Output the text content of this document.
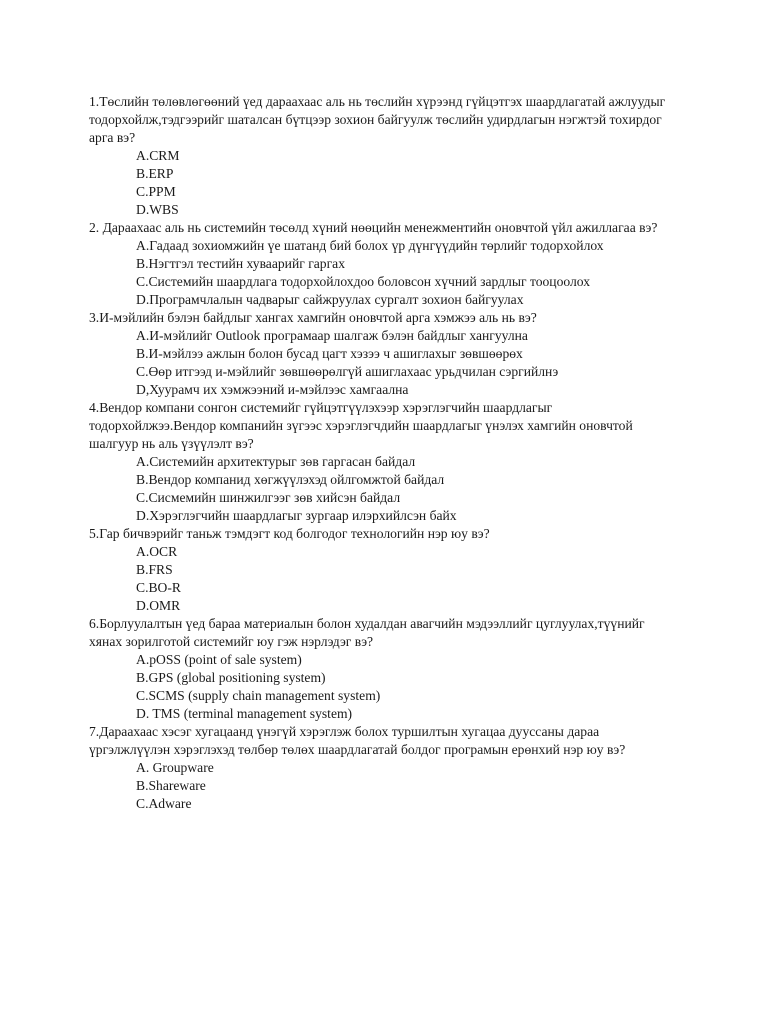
1.Төслийн төлөвлөгөөний үед дараахаас аль нь төслийн хүрээнд гүйцэтгэх шаардлагатай ажлуудыг тодорхойлж,тэдгээрийг шаталсан бүтцээр зохион байгуулж төслийн удирдлагын нэгжтэй тохирдог арга вэ?

A.CRM
B.ERP
C.PPM
D.WBS

2. Дараахаас аль нь системийн төсөлд хүний нөөцийн менежментийн оновчтой үйл ажиллагаа вэ?

A.Гадаад зохиомжийн үе шатанд бий болох үр дүнгүүдийн төрлийг тодорхойлох
B.Нэгтгэл тестийн хуваарийг гаргах
C.Системийн шаардлага тодорхойлохдоо боловсон хүчний зардлыг тооцоолох
D.Програмчлалын чадварыг сайжруулах сургалт зохион байгуулах

3.И-мэйлийн бэлэн байдлыг хангах хамгийн оновчтой арга хэмжээ аль нь вэ?

A.И-мэйлийг Outlook програмаар шалгаж бэлэн байдлыг хангуулна
B.И-мэйлээ ажлын болон бусад цагт хэзээ ч ашиглахыг зөвшөөрөх
C.Өөр итгээд и-мэйлийг зөвшөөрөлгүй ашиглахаас урьдчилан сэргийлнэ
D,Хуурамч их хэмжээний и-мэйлээс хамгаална

4.Вендор компани сонгон системийг гүйцэтгүүлэхээр хэрэглэгчийн шаардлагыг тодорхойлжээ.Вендор компанийн зүгээс хэрэглэгчдийн шаардлагыг үнэлэх хамгийн оновчтой шалгуур нь аль үзүүлэлт вэ?

A.Системийн архитектурыг зөв гаргасан байдал
B.Вендор компанид хөгжүүлэхэд ойлгомжтой байдал
C.Сисмемийн шинжилгээг зөв хийсэн байдал
D.Хэрэглэгчийн шаардлагыг зургаар илэрхийлсэн байх

5.Гар бичвэрийг таньж тэмдэгт код болгодог технологийн нэр юу вэ?

A.OCR
B.FRS
C.BO-R
D.OMR

6.Борлуулалтын үед бараа материалын болон худалдан авагчийн мэдээллийг цуглуулах,түүнийг хянах зорилготой системийг юу гэж нэрлэдэг вэ?

A.pOSS (point of sale system)
B.GPS (global positioning system)
C.SCMS (supply chain management system)
D. TMS (terminal management system)

7.Дараахаас хэсэг хугацаанд үнэгүй хэрэглэж болох туршилтын хугацаа дууссаны дараа үргэлжлүүлэн хэрэглэхэд төлбөр төлөх шаардлагатай болдог програмын ерөнхий нэр юу вэ?

A. Groupware
B.Shareware
C.Adware
